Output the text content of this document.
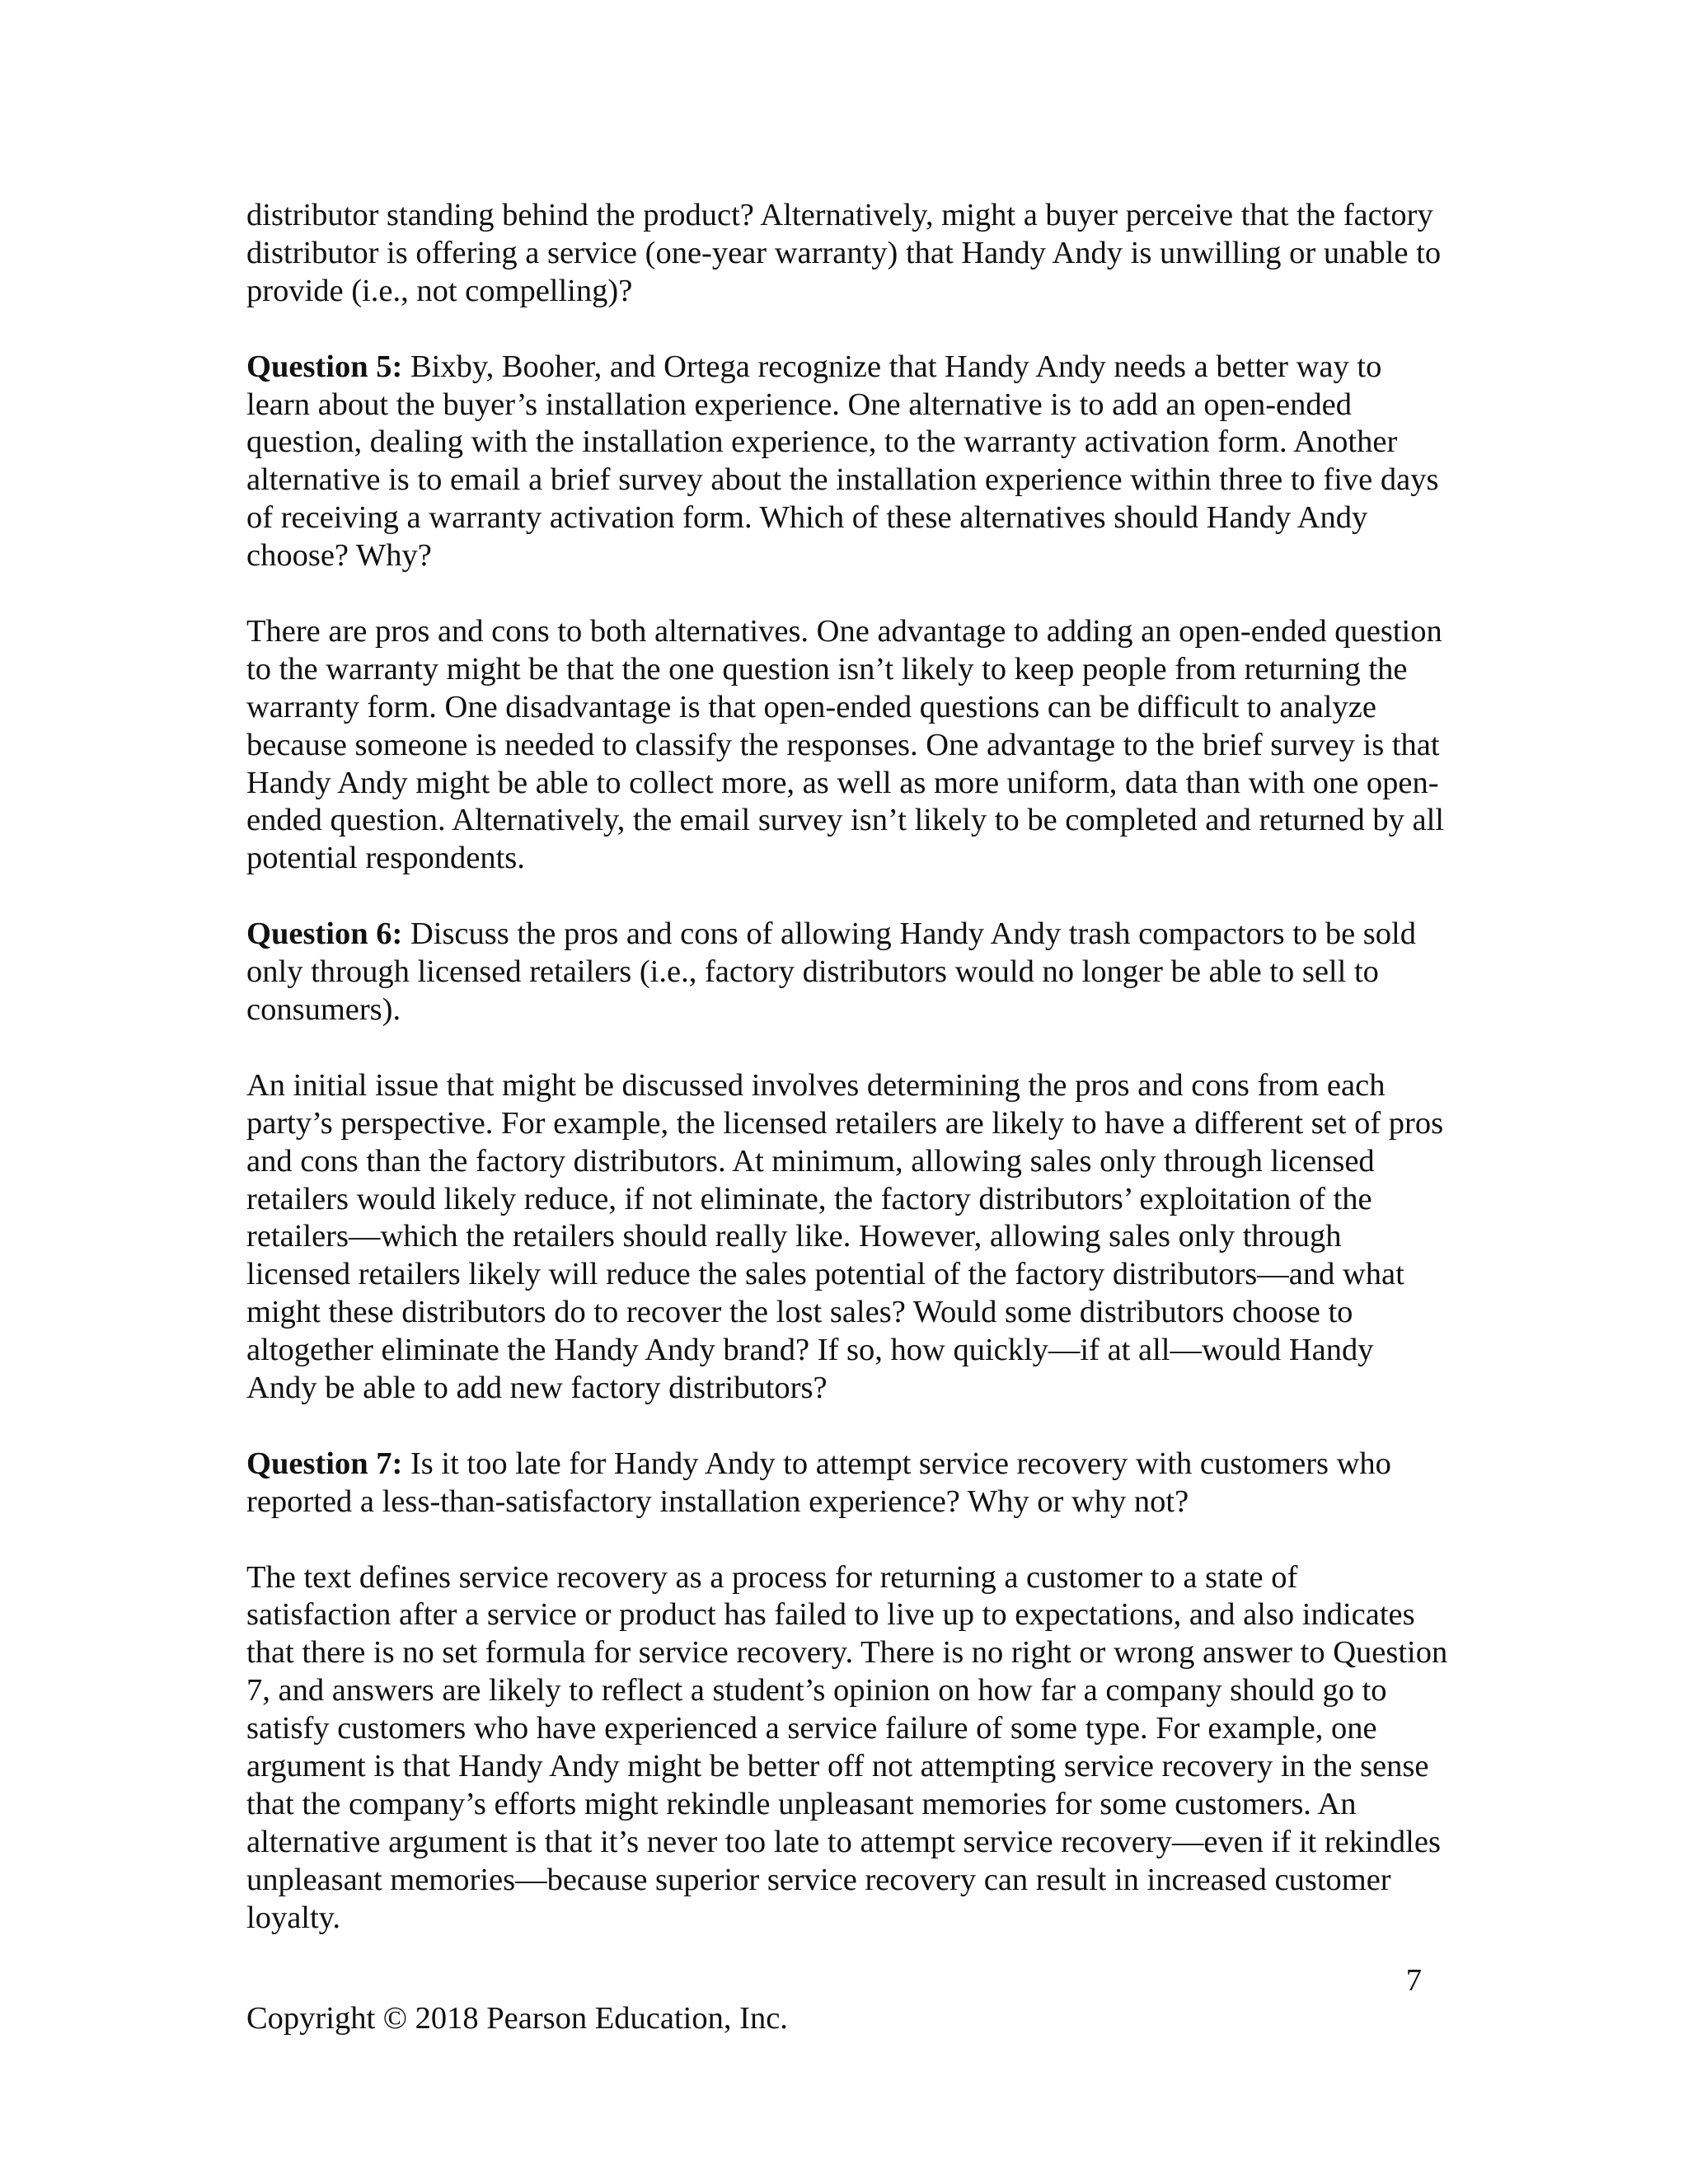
distributor standing behind the product? Alternatively, might a buyer perceive that the factory distributor is offering a service (one-year warranty) that Handy Andy is unwilling or unable to provide (i.e., not compelling)?

Question 5: Bixby, Booher, and Ortega recognize that Handy Andy needs a better way to learn about the buyer’s installation experience. One alternative is to add an open-ended question, dealing with the installation experience, to the warranty activation form. Another alternative is to email a brief survey about the installation experience within three to five days of receiving a warranty activation form. Which of these alternatives should Handy Andy choose? Why?

There are pros and cons to both alternatives. One advantage to adding an open-ended question to the warranty might be that the one question isn’t likely to keep people from returning the warranty form. One disadvantage is that open-ended questions can be difficult to analyze because someone is needed to classify the responses. One advantage to the brief survey is that Handy Andy might be able to collect more, as well as more uniform, data than with one open-ended question. Alternatively, the email survey isn’t likely to be completed and returned by all potential respondents.

Question 6: Discuss the pros and cons of allowing Handy Andy trash compactors to be sold only through licensed retailers (i.e., factory distributors would no longer be able to sell to consumers).

An initial issue that might be discussed involves determining the pros and cons from each party’s perspective. For example, the licensed retailers are likely to have a different set of pros and cons than the factory distributors. At minimum, allowing sales only through licensed retailers would likely reduce, if not eliminate, the factory distributors’ exploitation of the retailers—which the retailers should really like. However, allowing sales only through licensed retailers likely will reduce the sales potential of the factory distributors—and what might these distributors do to recover the lost sales? Would some distributors choose to altogether eliminate the Handy Andy brand? If so, how quickly—if at all—would Handy Andy be able to add new factory distributors?

Question 7: Is it too late for Handy Andy to attempt service recovery with customers who reported a less-than-satisfactory installation experience? Why or why not?

The text defines service recovery as a process for returning a customer to a state of satisfaction after a service or product has failed to live up to expectations, and also indicates that there is no set formula for service recovery. There is no right or wrong answer to Question 7, and answers are likely to reflect a student’s opinion on how far a company should go to satisfy customers who have experienced a service failure of some type. For example, one argument is that Handy Andy might be better off not attempting service recovery in the sense that the company’s efforts might rekindle unpleasant memories for some customers. An alternative argument is that it’s never too late to attempt service recovery—even if it rekindles unpleasant memories—because superior service recovery can result in increased customer loyalty.

7
Copyright © 2018 Pearson Education, Inc.
